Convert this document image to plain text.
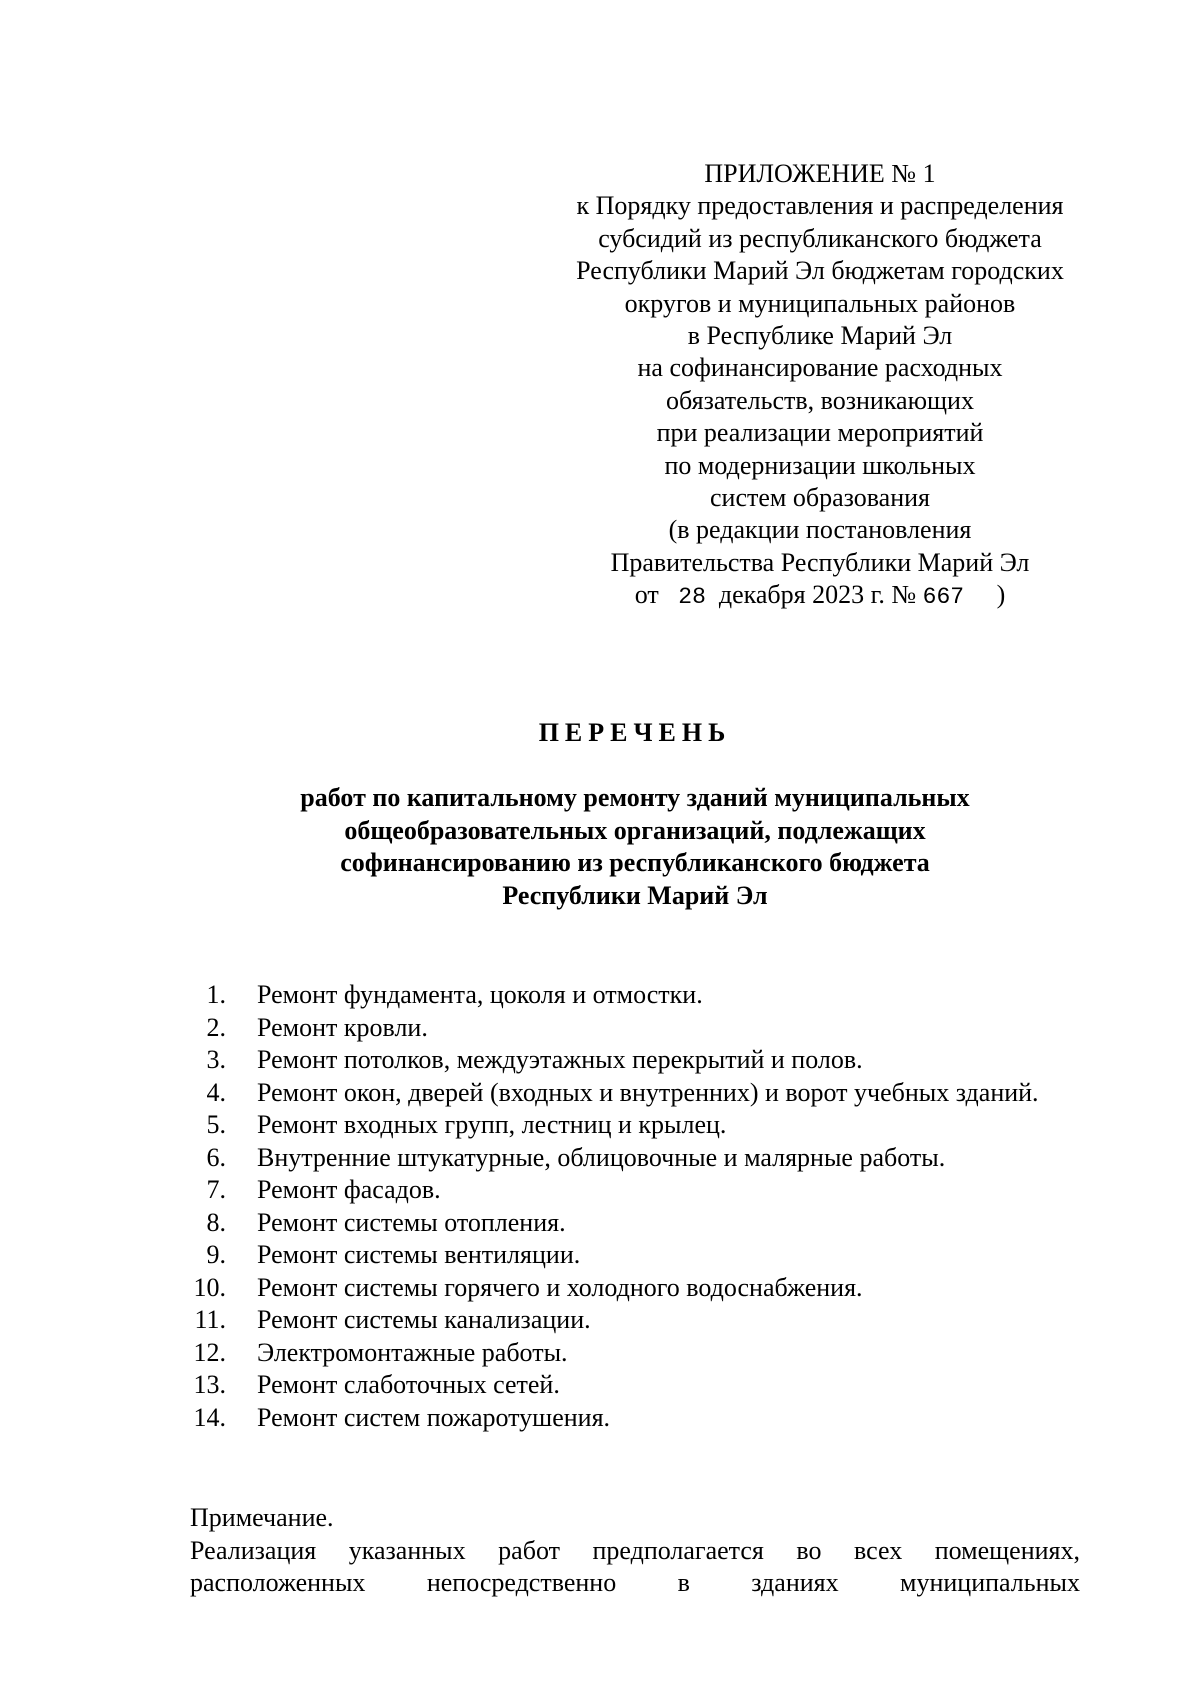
ПРИЛОЖЕНИЕ № 1
к Порядку предоставления и распределения
субсидий из республиканского бюджета
Республики Марий Эл бюджетам городских
округов и муниципальных районов
в Республике Марий Эл
на софинансирование расходных
обязательств, возникающих
при реализации мероприятий
по модернизации школьных
систем образования
(в редакции постановления
Правительства Республики Марий Эл
от 28 декабря 2023 г. № 667 )
ПЕРЕЧЕНЬ
работ по капитальному ремонту зданий муниципальных
общеобразовательных организаций, подлежащих
софинансированию из республиканского бюджета
Республики Марий Эл
1. Ремонт фундамента, цоколя и отмостки.
2. Ремонт кровли.
3. Ремонт потолков, междуэтажных перекрытий и полов.
4. Ремонт окон, дверей (входных и внутренних) и ворот учебных зданий.
5. Ремонт входных групп, лестниц и крылец.
6. Внутренние штукатурные, облицовочные и малярные работы.
7. Ремонт фасадов.
8. Ремонт системы отопления.
9. Ремонт системы вентиляции.
10. Ремонт системы горячего и холодного водоснабжения.
11. Ремонт системы канализации.
12. Электромонтажные работы.
13. Ремонт слаботочных сетей.
14. Ремонт систем пожаротушения.
Примечание.
Реализация указанных работ предполагается во всех помещениях, расположенных непосредственно в зданиях муниципальных
